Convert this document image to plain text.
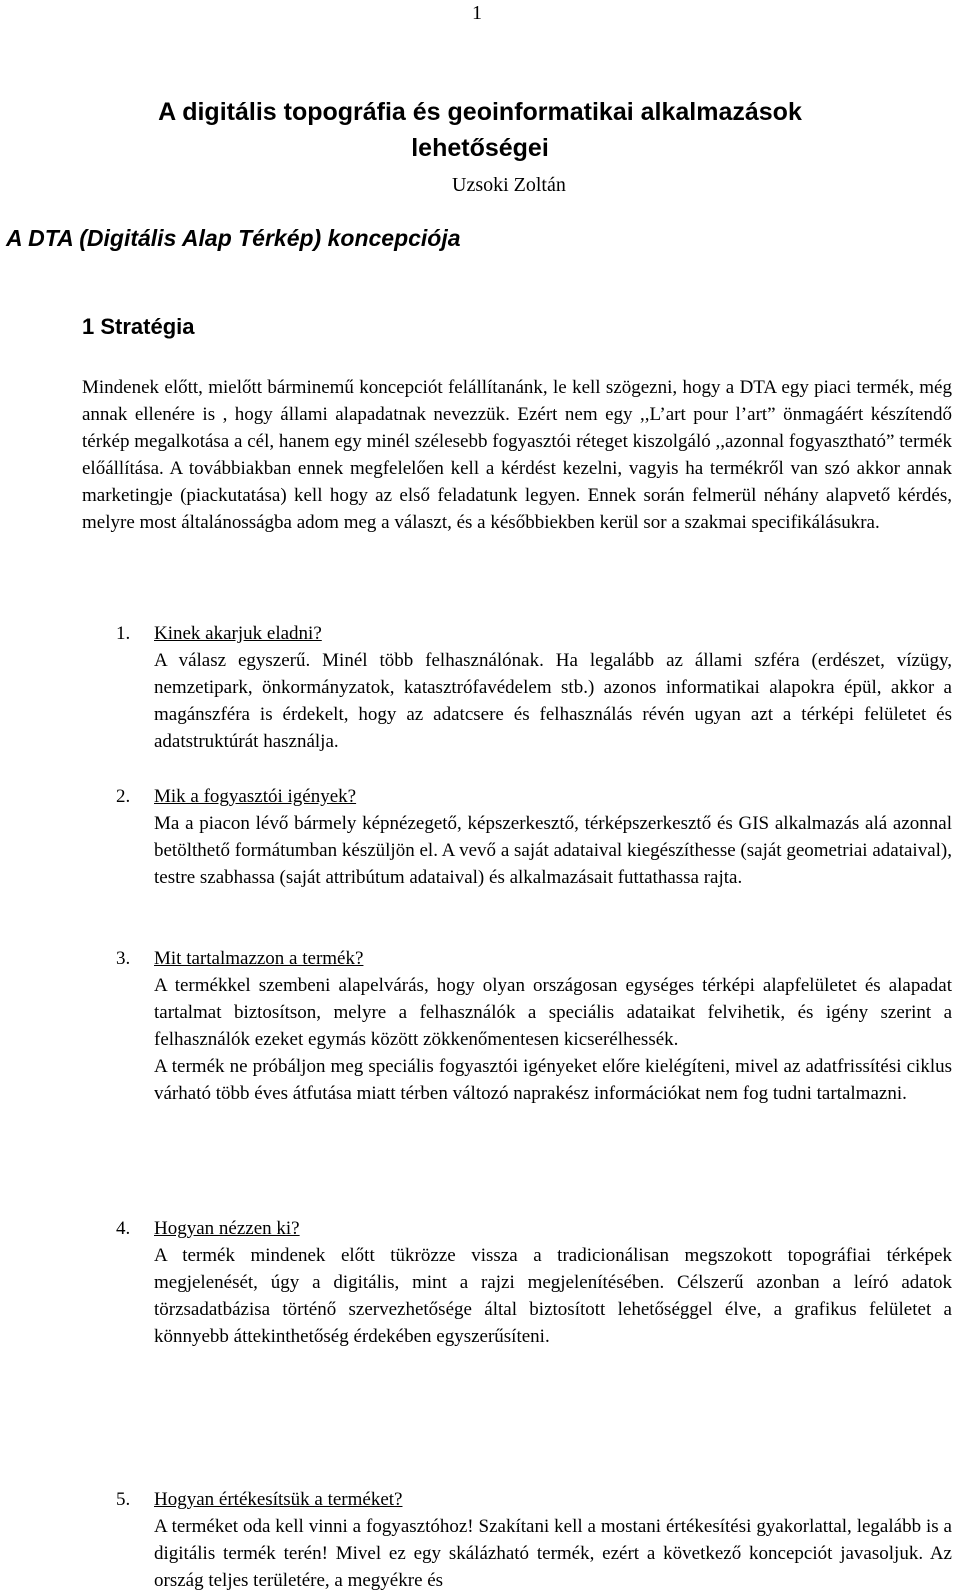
1
A digitális topográfia és geoinformatikai alkalmazások
lehetőségei
Uzsoki Zoltán
A DTA (Digitális Alap Térkép) koncepciója
1 Stratégia
Mindenek előtt, mielőtt bárminemű koncepciót felállítanánk, le kell szögezni, hogy a DTA egy piaci termék, még annak ellenére is , hogy állami alapadatnak nevezzük. Ezért nem egy ,,L’art pour l’art” önmagáért készítendő térkép megalkotása a cél, hanem egy minél szélesebb fogyasztói réteget kiszolgáló ,,azonnal fogyasztható” termék előállítása. A továbbiakban ennek megfelelően kell a kérdést kezelni, vagyis ha termékről van szó akkor annak marketingje (piackutatása) kell hogy az első feladatunk legyen. Ennek során felmerül néhány alapvető kérdés, melyre most általánosságba adom meg a választ, és a későbbiekben kerül sor a szakmai specifikálásukra.
1. Kinek akarjuk eladni?

A válasz egyszerű. Minél több felhasználónak. Ha legalább az állami szféra (erdészet, vízügy, nemzetipark, önkormányzatok, katasztrófavédelem stb.) azonos informatikai alapokra épül, akkor a magánszféra is érdekelt, hogy az adatcsere és felhasználás révén ugyan azt a térképi felületet és adatstruktúrát használja.

2. Mik a fogyasztói igények?

Ma a piacon lévő bármely képnézegető, képszerkesztő, térképszerkesztő és GIS alkalmazás alá azonnal betölthető formátumban készüljön el. A vevő a saját adataival kiegészíthesse (saját geometriai adataival), testre szabhassa (saját attribútum adataival) és alkalmazásait futtathassa rajta.

3. Mit tartalmazzon a termék?

A termékkel szembeni alapelvárás, hogy olyan országosan egységes térképi alapfelületet és alapadat tartalmat biztosítson, melyre a felhasználók a speciális adataikat felvihetik, és igény szerint a felhasználók ezeket egymás között zökkenőmentesen kicserélhessék.

A termék ne próbáljon meg speciális fogyasztói igényeket előre kielégíteni, mivel az adatfrissítési ciklus várható több éves átfutása miatt térben változó naprakész információkat nem fog tudni tartalmazni.

4. Hogyan nézzen ki?

A termék mindenek előtt tükrözze vissza a tradicionálisan megszokott topográfiai térképek megjelenését, úgy a digitális, mint a rajzi megjelenítésében. Célszerű azonban a leíró adatok törzsadatbázisa történő szervezhetősége által biztosított lehetőséggel élve, a grafikus felületet a könnyebb áttekinthetőség érdekében egyszerűsíteni.

5. Hogyan értékesítsük a terméket?

A terméket oda kell vinni a fogyasztóhoz! Szakítani kell a mostani értékesítési gyakorlattal, legalább is a digitális termék terén! Mivel ez egy skálázható termék, ezért a következő koncepciót javasoljuk. Az ország teljes területére, a megyékre és
